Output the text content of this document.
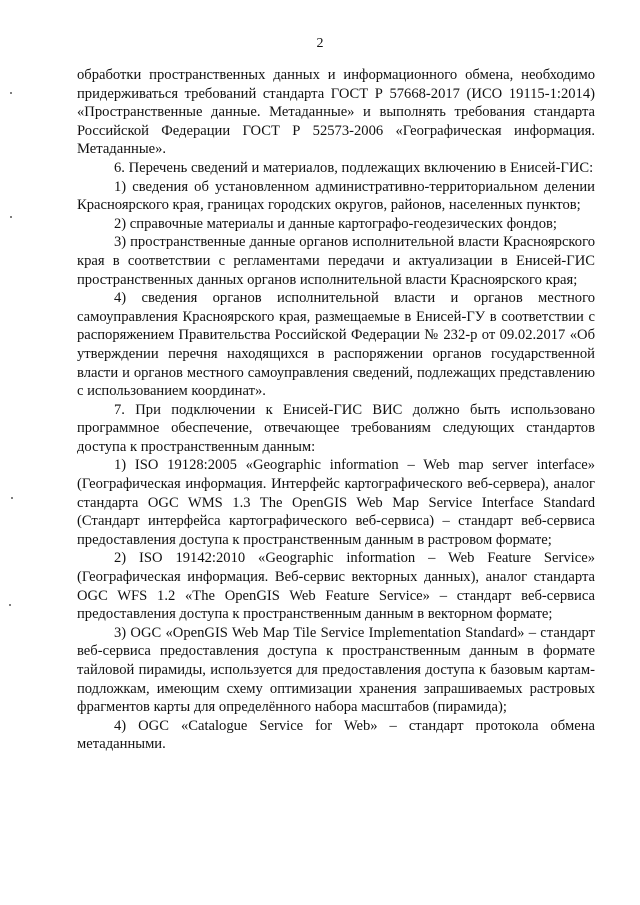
2

обработки пространственных данных и информационного обмена, необходимо придерживаться требований стандарта ГОСТ Р 57668-2017 (ИСО 19115-1:2014) «Пространственные данные. Метаданные» и выполнять требования стандарта Российской Федерации ГОСТ Р 52573-2006 «Географическая информация. Метаданные».

6. Перечень сведений и материалов, подлежащих включению в Енисей-ГИС:

1) сведения об установленном административно-территориальном делении Красноярского края, границах городских округов, районов, населенных пунктов;

2) справочные материалы и данные картографо-геодезических фондов;

3) пространственные данные органов исполнительной власти Красноярского края в соответствии с регламентами передачи и актуализации в Енисей-ГИС пространственных данных органов исполнительной власти Красноярского края;

4) сведения органов исполнительной власти и органов местного самоуправления Красноярского края, размещаемые в Енисей-ГУ в соответствии с распоряжением Правительства Российской Федерации № 232-р от 09.02.2017 «Об утверждении перечня находящихся в распоряжении органов государственной власти и органов местного самоуправления сведений, подлежащих представлению с использованием координат».

7. При подключении к Енисей-ГИС ВИС должно быть использовано программное обеспечение, отвечающее требованиям следующих стандартов доступа к пространственным данным:

1) ISO 19128:2005 «Geographic information – Web map server interface» (Географическая информация. Интерфейс картографического веб-сервера), аналог стандарта OGC WMS 1.3 The OpenGIS Web Map Service Interface Standard (Стандарт интерфейса картографического веб-сервиса) – стандарт веб-сервиса предоставления доступа к пространственным данным в растровом формате;

2) ISO 19142:2010 «Geographic information – Web Feature Service» (Географическая информация. Веб-сервис векторных данных), аналог стандарта OGC WFS 1.2 «The OpenGIS Web Feature Service» – стандарт веб-сервиса предоставления доступа к пространственным данным в векторном формате;

3) OGC «OpenGIS Web Map Tile Service Implementation Standard» – стандарт веб-сервиса предоставления доступа к пространственным данным в формате тайловой пирамиды, используется для предоставления доступа к базовым картам-подложкам, имеющим схему оптимизации хранения запрашиваемых растровых фрагментов карты для определённого набора масштабов (пирамида);

4) OGC «Catalogue Service for Web» – стандарт протокола обмена метаданными.
